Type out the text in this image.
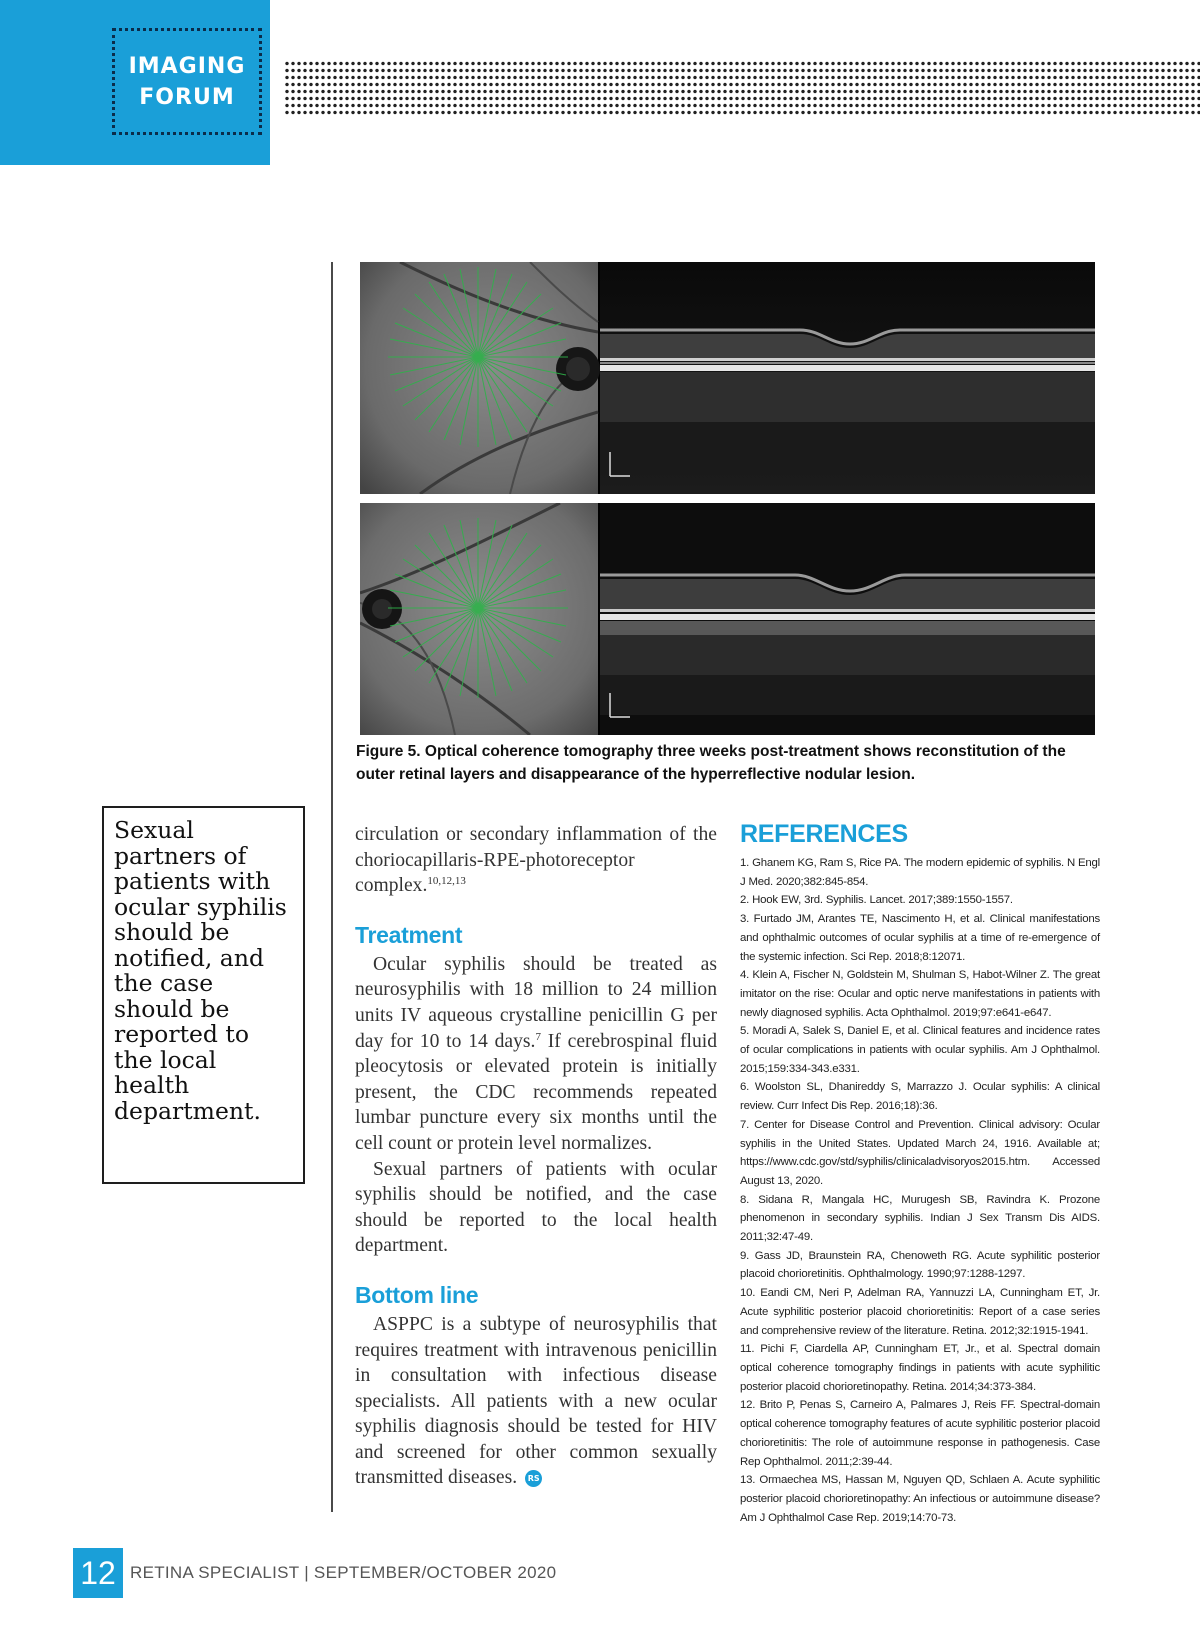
IMAGING
FORUM
Figure 5. Optical coherence tomography three weeks post-treatment shows reconstitution of the outer retinal layers and disappearance of the hyperreflective nodular lesion.

Sexual partners of patients with ocular syphilis should be notified, and the case should be reported to the local health department.

circulation or secondary inflammation of the choriocapillaris-RPE-photoreceptor complex.$^{10,12,13}$

Treatment

Ocular syphilis should be treated as neurosyphilis with 18 million to 24 million units IV aqueous crystalline penicillin G per day for 10 to 14 days.$^7$ If cerebrospinal fluid pleocytosis or elevated protein is initially present, the CDC recommends repeated lumbar puncture every six months until the cell count or protein level normalizes.

Sexual partners of patients with ocular syphilis should be notified, and the case should be reported to the local health department.

Bottom line

ASPPC is a subtype of neurosyphilis that requires treatment with intravenous penicillin in consultation with infectious disease specialists. All patients with a new ocular syphilis diagnosis should be tested for HIV and screened for other common sexually transmitted diseases. RS

REFERENCES
1. Ghanem KG, Ram S, Rice PA. The modern epidemic of syphilis. N Engl J Med. 2020;382:845-854.
2. Hook EW, 3rd. Syphilis. Lancet. 2017;389:1550-1557.
3. Furtado JM, Arantes TE, Nascimento H, et al. Clinical manifestations and ophthalmic outcomes of ocular syphilis at a time of re-emergence of the systemic infection. Sci Rep. 2018;8:12071.
4. Klein A, Fischer N, Goldstein M, Shulman S, Habot-Wilner Z. The great imitator on the rise: Ocular and optic nerve manifestations in patients with newly diagnosed syphilis. Acta Ophthalmol. 2019;97:e641-e647.
5. Moradi A, Salek S, Daniel E, et al. Clinical features and incidence rates of ocular complications in patients with ocular syphilis. Am J Ophthalmol. 2015;159:334-343.e331.
6. Woolston SL, Dhanireddy S, Marrazzo J. Ocular syphilis: A clinical review. Curr Infect Dis Rep. 2016;18):36.
7. Center for Disease Control and Prevention. Clinical advisory: Ocular syphilis in the United States. Updated March 24, 1916. Available at; https://www.cdc.gov/std/syphilis/clinicaladvisoryos2015.htm. Accessed August 13, 2020.
8. Sidana R, Mangala HC, Murugesh SB, Ravindra K. Prozone phenomenon in secondary syphilis. Indian J Sex Transm Dis AIDS. 2011;32:47-49.
9. Gass JD, Braunstein RA, Chenoweth RG. Acute syphilitic posterior placoid chorioretinitis. Ophthalmology. 1990;97:1288-1297.
10. Eandi CM, Neri P, Adelman RA, Yannuzzi LA, Cunningham ET, Jr. Acute syphilitic posterior placoid chorioretinitis: Report of a case series and comprehensive review of the literature. Retina. 2012;32:1915-1941.
11. Pichi F, Ciardella AP, Cunningham ET, Jr., et al. Spectral domain optical coherence tomography findings in patients with acute syphilitic posterior placoid chorioretinopathy. Retina. 2014;34:373-384.
12. Brito P, Penas S, Carneiro A, Palmares J, Reis FF. Spectral-domain optical coherence tomography features of acute syphilitic posterior placoid chorioretinitis: The role of autoimmune response in pathogenesis. Case Rep Ophthalmol. 2011;2:39-44.
13. Ormaechea MS, Hassan M, Nguyen QD, Schlaen A. Acute syphilitic posterior placoid chorioretinopathy: An infectious or autoimmune disease? Am J Ophthalmol Case Rep. 2019;14:70-73.
12 RETINA SPECIALIST | SEPTEMBER/OCTOBER 2020
